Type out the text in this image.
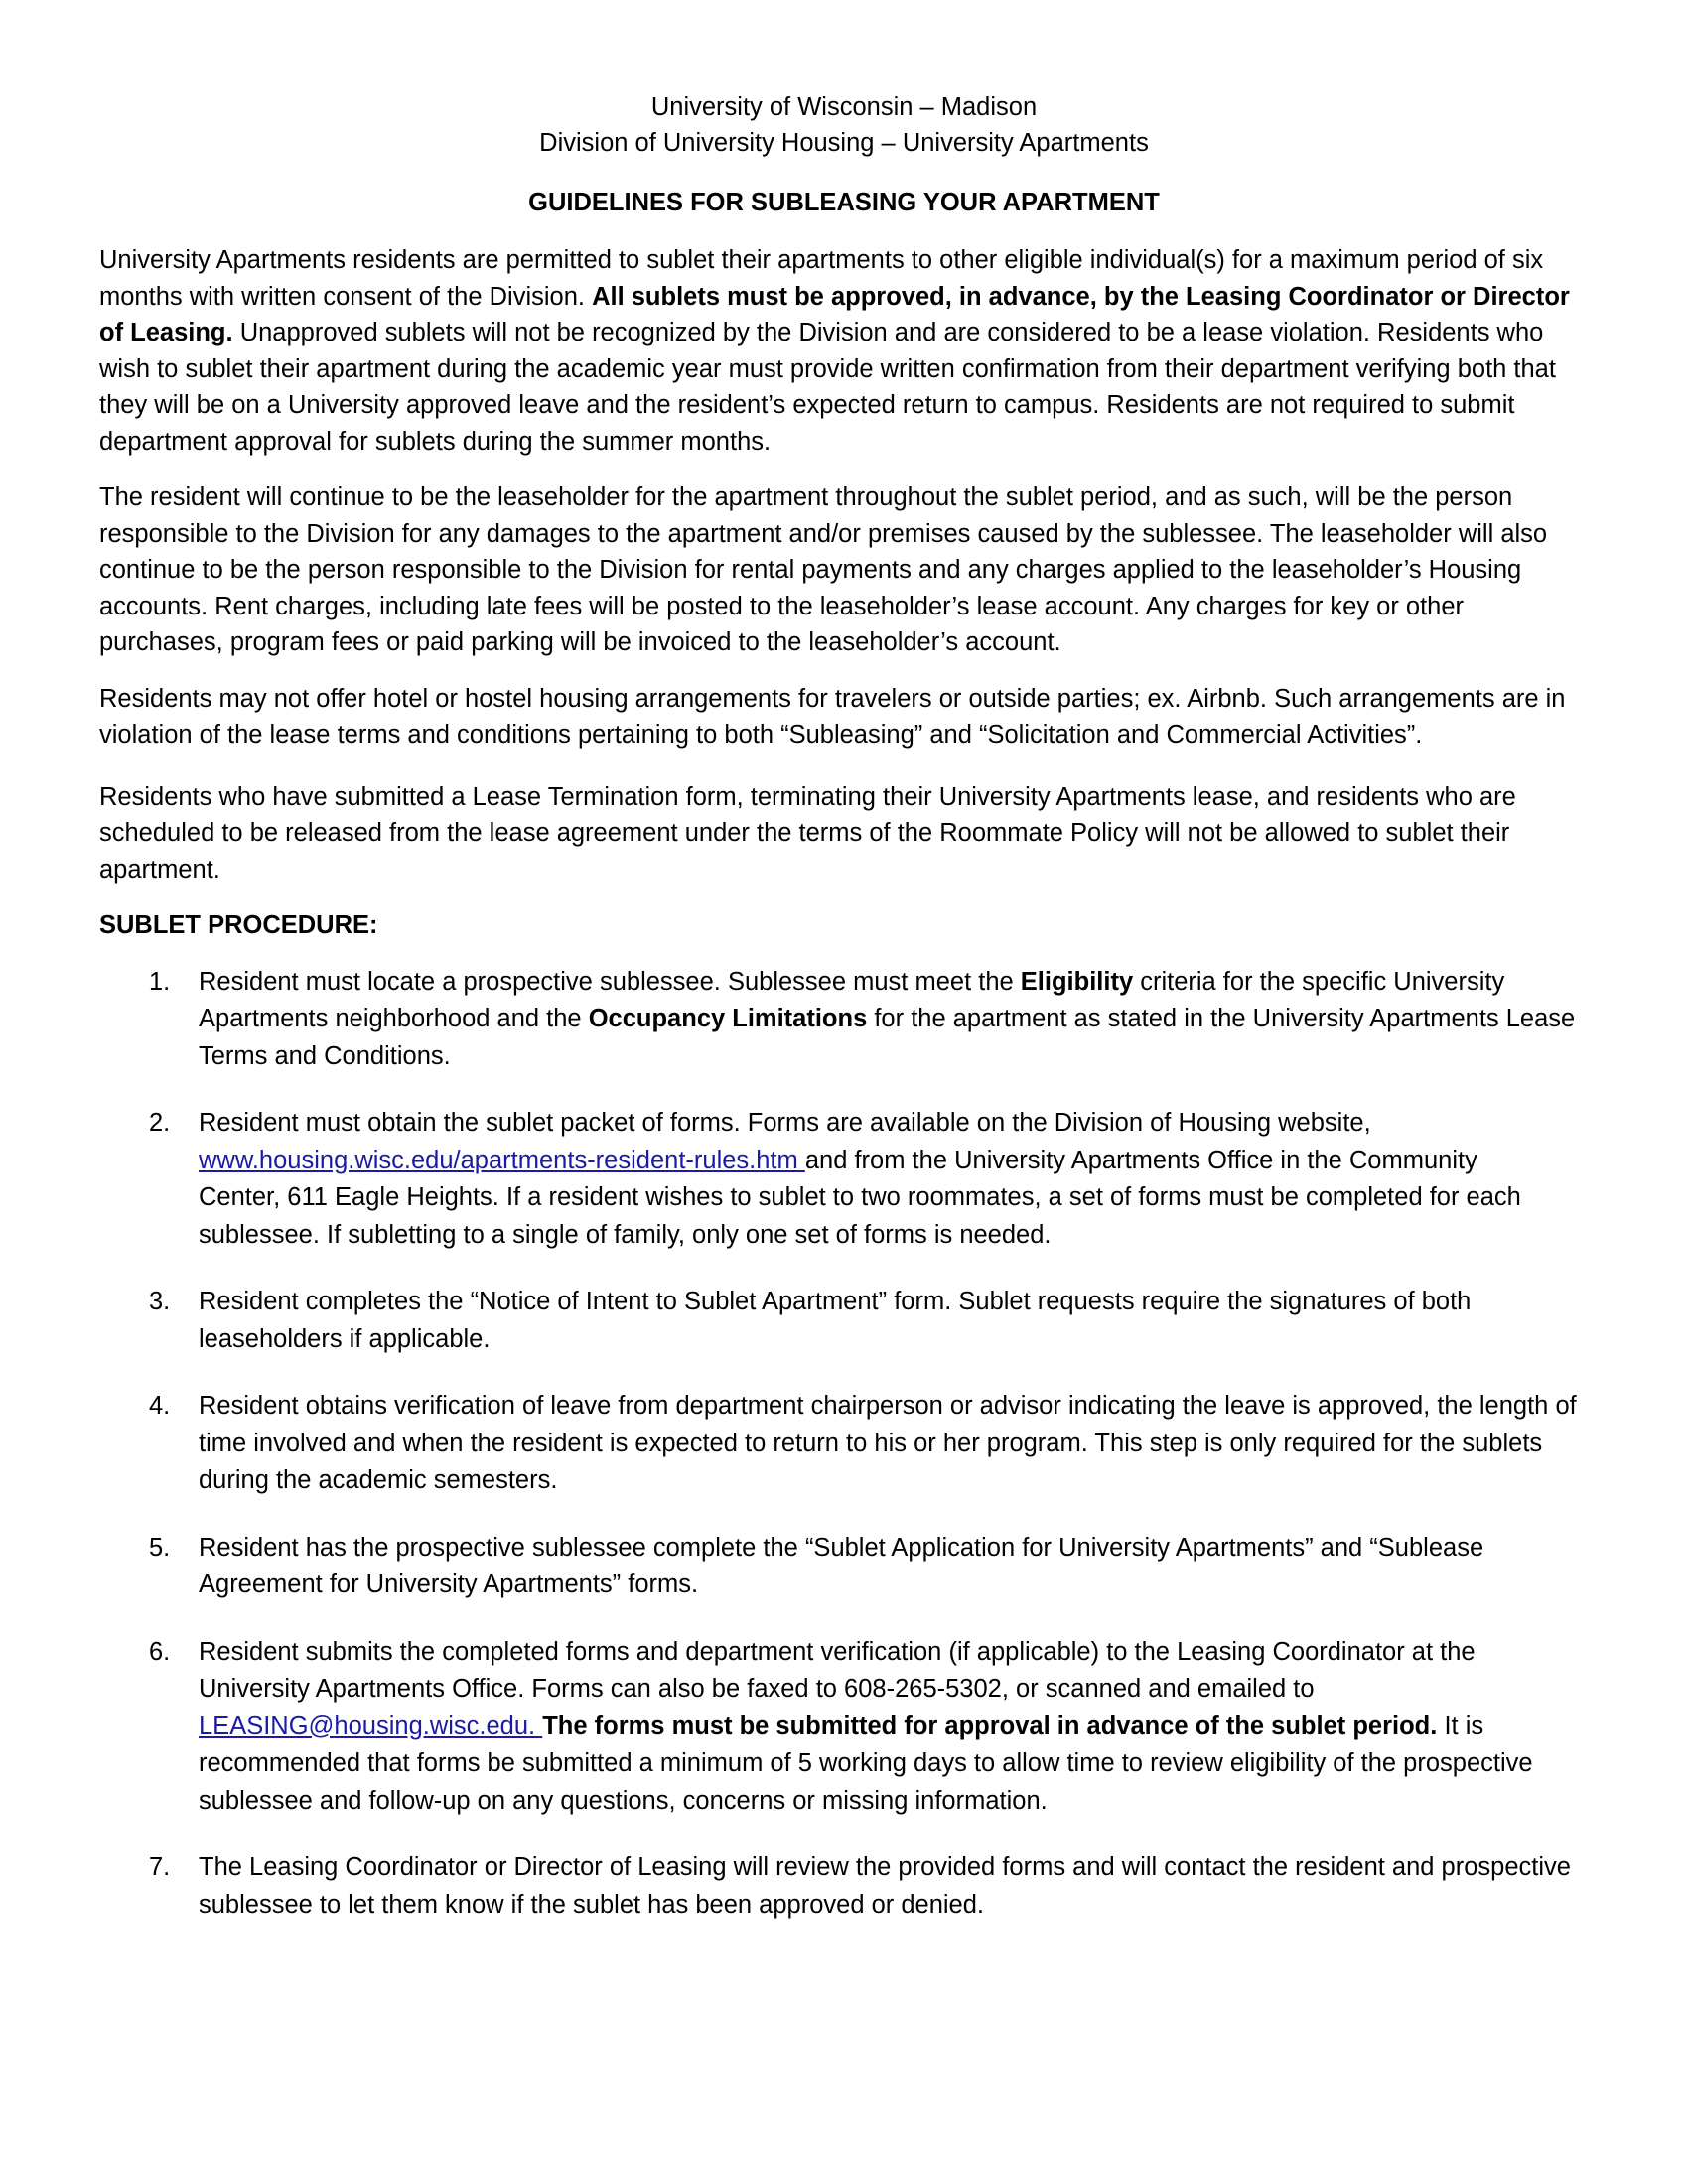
University of Wisconsin – Madison
Division of University Housing – University Apartments
GUIDELINES FOR SUBLEASING YOUR APARTMENT

University Apartments residents are permitted to sublet their apartments to other eligible individual(s) for a maximum period of six months with written consent of the Division. All sublets must be approved, in advance, by the Leasing Coordinator or Director of Leasing. Unapproved sublets will not be recognized by the Division and are considered to be a lease violation. Residents who wish to sublet their apartment during the academic year must provide written confirmation from their department verifying both that they will be on a University approved leave and the resident’s expected return to campus. Residents are not required to submit department approval for sublets during the summer months.

The resident will continue to be the leaseholder for the apartment throughout the sublet period, and as such, will be the person responsible to the Division for any damages to the apartment and/or premises caused by the sublessee. The leaseholder will also continue to be the person responsible to the Division for rental payments and any charges applied to the leaseholder’s Housing accounts. Rent charges, including late fees will be posted to the leaseholder’s lease account. Any charges for key or other purchases, program fees or paid parking will be invoiced to the leaseholder’s account.

Residents may not offer hotel or hostel housing arrangements for travelers or outside parties; ex. Airbnb. Such arrangements are in violation of the lease terms and conditions pertaining to both “Subleasing” and “Solicitation and Commercial Activities”.

Residents who have submitted a Lease Termination form, terminating their University Apartments lease, and residents who are scheduled to be released from the lease agreement under the terms of the Roommate Policy will not be allowed to sublet their apartment.

SUBLET PROCEDURE:
1. Resident must locate a prospective sublessee. Sublessee must meet the Eligibility criteria for the specific University Apartments neighborhood and the Occupancy Limitations for the apartment as stated in the University Apartments Lease Terms and Conditions.
2. Resident must obtain the sublet packet of forms. Forms are available on the Division of Housing website,
www.housing.wisc.edu/apartments-resident-rules.htm and from the University Apartments Office in the Community
Center, 611 Eagle Heights. If a resident wishes to sublet to two roommates, a set of forms must be completed for each sublessee. If subletting to a single of family, only one set of forms is needed.
3. Resident completes the “Notice of Intent to Sublet Apartment” form. Sublet requests require the signatures of both leaseholders if applicable.
4. Resident obtains verification of leave from department chairperson or advisor indicating the leave is approved, the length of time involved and when the resident is expected to return to his or her program. This step is only required for the sublets during the academic semesters.
5. Resident has the prospective sublessee complete the “Sublet Application for University Apartments” and “Sublease Agreement for University Apartments” forms.
6. Resident submits the completed forms and department verification (if applicable) to the Leasing Coordinator at the University Apartments Office. Forms can also be faxed to 608-265-5302, or scanned and emailed to
LEASING@housing.wisc.edu. The forms must be submitted for approval in advance of the sublet period. It is
recommended that forms be submitted a minimum of 5 working days to allow time to review eligibility of the prospective sublessee and follow-up on any questions, concerns or missing information.
7. The Leasing Coordinator or Director of Leasing will review the provided forms and will contact the resident and prospective sublessee to let them know if the sublet has been approved or denied.
